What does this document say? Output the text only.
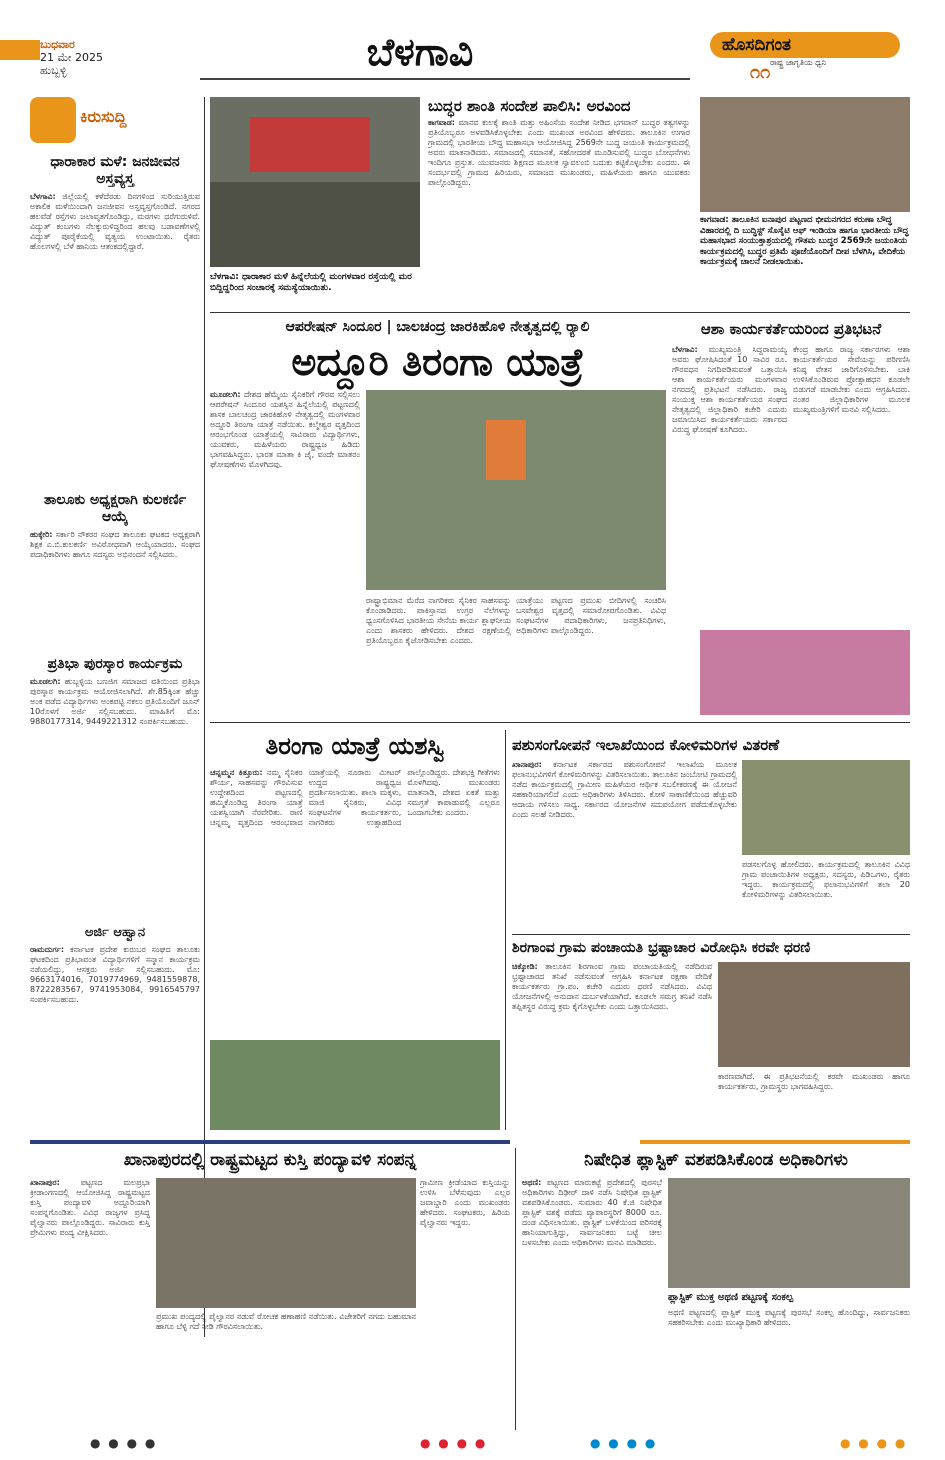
ಬುಧವಾರ
21 ಮೇ 2025
ಹುಬ್ಬಳ್ಳಿ	ಬೆಳಗಾವಿ	ಹೊಸದಿಗಂತ
ರಾಷ್ಟ್ರ ಜಾಗೃತಿಯ ಧ್ವನಿ
೧೧
ಕಿರುಸುದ್ದಿ
ಧಾರಾಕಾರ ಮಳೆ: ಜನಜೀವನ ಅಸ್ತವ್ಯಸ್ತ
ಬೆಳಗಾವಿ: ಜಿಲ್ಲೆಯಲ್ಲಿ ಕಳೆದೆರಡು ದಿನಗಳಿಂದ ಸುರಿಯುತ್ತಿರುವ ಅಕಾಲಿಕ ಮಳೆಯಿಂದಾಗಿ ಜನಜೀವನ ಅಸ್ತವ್ಯಸ್ತಗೊಂಡಿದೆ. ನಗರದ ಹಲವೆಡೆ ರಸ್ತೆಗಳು ಜಲಾವೃತಗೊಂಡಿದ್ದು, ಮರಗಳು ಧರೆಗುರುಳಿವೆ. ವಿದ್ಯುತ್ ಕಂಬಗಳು ನೆಲಕ್ಕುರುಳಿದ್ದರಿಂದ ಹಲವು ಬಡಾವಣೆಗಳಲ್ಲಿ ವಿದ್ಯುತ್ ಪೂರೈಕೆಯಲ್ಲಿ ವ್ಯತ್ಯಯ ಉಂಟಾಯಿತು. ರೈತರು ಹೊಲಗಳಲ್ಲಿ ಬೆಳೆ ಹಾನಿಯ ಆತಂಕದಲ್ಲಿದ್ದಾರೆ.
ತಾಲೂಕು ಅಧ್ಯಕ್ಷರಾಗಿ ಕುಲಕರ್ಣಿ ಆಯ್ಕೆ
ಹುಕ್ಕೇರಿ: ಸರ್ಕಾರಿ ನೌಕರರ ಸಂಘದ ತಾಲೂಕು ಘಟಕದ ಅಧ್ಯಕ್ಷರಾಗಿ ಶಿಕ್ಷಕ ಎ.ಬಿ.ಕುಲಕರ್ಣಿ ಅವಿರೋಧವಾಗಿ ಆಯ್ಕೆಯಾದರು. ಸಂಘದ ಪದಾಧಿಕಾರಿಗಳು ಹಾಗೂ ಸದಸ್ಯರು ಅಭಿನಂದನೆ ಸಲ್ಲಿಸಿದರು.
ಪ್ರತಿಭಾ ಪುರಸ್ಕಾರ ಕಾರ್ಯಕ್ರಮ
ಮೂಡಲಗಿ: ಹುಬ್ಬಳ್ಳಿಯ ಬಣಜಿಗ ಸಮಾಜದ ವತಿಯಿಂದ ಪ್ರತಿಭಾ ಪುರಸ್ಕಾರ ಕಾರ್ಯಕ್ರಮ ಆಯೋಜಿಸಲಾಗಿದೆ. ಶೇ.85ಕ್ಕಿಂತ ಹೆಚ್ಚು ಅಂಕ ಪಡೆದ ವಿದ್ಯಾರ್ಥಿಗಳು ಅಂಕಪಟ್ಟಿ ನಕಲು ಪ್ರತಿಯೊಂದಿಗೆ ಜೂನ್ 10ರೊಳಗೆ ಅರ್ಜಿ ಸಲ್ಲಿಸಬಹುದು. ಮಾಹಿತಿಗೆ ಮೊ: 9880177314, 9449221312 ಸಂಪರ್ಕಿಸಬಹುದು.
ಅರ್ಜಿ ಆಹ್ವಾನ
ರಾಮದುರ್ಗ: ಕರ್ನಾಟಕ ಪ್ರದೇಶ ಕುರುಬರ ಸಂಘದ ತಾಲೂಕು ಘಟಕದಿಂದ ಪ್ರತಿಭಾವಂತ ವಿದ್ಯಾರ್ಥಿಗಳಿಗೆ ಸನ್ಮಾನ ಕಾರ್ಯಕ್ರಮ ನಡೆಯಲಿದ್ದು, ಆಸಕ್ತರು ಅರ್ಜಿ ಸಲ್ಲಿಸಬಹುದು. ಮೊ: 9663174016, 7019774969, 9481559878, 8722283567, 9741953084, 9916545797 ಸಂಪರ್ಕಿಸಬಹುದು.
ಬೆಳಗಾವಿ: ಧಾರಾಕಾರ ಮಳೆ ಹಿನ್ನೆಲೆಯಲ್ಲಿ ಮಂಗಳವಾರ ರಸ್ತೆಯಲ್ಲಿ ಮರ ಬಿದ್ದಿದ್ದರಿಂದ ಸಂಚಾರಕ್ಕೆ ಸಮಸ್ಯೆಯಾಯಿತು.
ಬುದ್ಧರ ಶಾಂತಿ ಸಂದೇಶ ಪಾಲಿಸಿ: ಅರವಿಂದ
ಕಾಗವಾಡ: ಮಾನವ ಕುಲಕ್ಕೆ ಶಾಂತಿ ಮತ್ತು ಅಹಿಂಸೆಯ ಸಂದೇಶ ನೀಡಿದ ಭಗವಾನ್ ಬುದ್ಧರ ತತ್ವಗಳನ್ನು ಪ್ರತಿಯೊಬ್ಬರೂ ಅಳವಡಿಸಿಕೊಳ್ಳಬೇಕು ಎಂದು ಮುಖಂಡ ಅರವಿಂದ ಹೇಳಿದರು. ತಾಲೂಕಿನ ಉಗಾರ ಗ್ರಾಮದಲ್ಲಿ ಭಾರತೀಯ ಬೌದ್ಧ ಮಹಾಸಭಾ ಆಯೋಜಿಸಿದ್ದ 2569ನೇ ಬುದ್ಧ ಜಯಂತಿ ಕಾರ್ಯಕ್ರಮದಲ್ಲಿ ಅವರು ಮಾತನಾಡಿದರು. ಸಮಾಜದಲ್ಲಿ ಸಮಾನತೆ, ಸಹೋದರತೆ ಮೂಡಿಸುವಲ್ಲಿ ಬುದ್ಧರ ಬೋಧನೆಗಳು ಇಂದಿಗೂ ಪ್ರಸ್ತುತ. ಯುವಜನರು ಶಿಕ್ಷಣದ ಮೂಲಕ ಸ್ವಾವಲಂಬಿ ಬದುಕು ಕಟ್ಟಿಕೊಳ್ಳಬೇಕು ಎಂದರು. ಈ ಸಂದರ್ಭದಲ್ಲಿ ಗ್ರಾಮದ ಹಿರಿಯರು, ಸಮಾಜದ ಮುಖಂಡರು, ಮಹಿಳೆಯರು ಹಾಗೂ ಯುವಕರು ಪಾಲ್ಗೊಂಡಿದ್ದರು.
ಕಾಗವಾಡ: ತಾಲೂಕಿನ ಐನಾಪುರ ಪಟ್ಟಣದ ಭೀಮನಗರದ ಕರುಣಾ ಬೌದ್ಧ ವಿಹಾರದಲ್ಲಿ ದಿ ಬುದ್ಧಿಸ್ಟ್ ಸೊಸೈಟಿ ಆಫ್ ಇಂಡಿಯಾ ಹಾಗೂ ಭಾರತೀಯ ಬೌದ್ಧ ಮಹಾಸಭಾದ ಸಂಯುಕ್ತಾಶ್ರಯದಲ್ಲಿ ಗೌತಮ ಬುದ್ಧರ 2569ನೇ ಜಯಂತಿಯ ಕಾರ್ಯಕ್ರಮದಲ್ಲಿ ಬುದ್ಧರ ಪ್ರತಿಮೆ ಪೂಜೆಯೊಂದಿಗೆ ದೀಪ ಬೆಳಗಿಸಿ, ವೇದಿಕೆಯ ಕಾರ್ಯಕ್ರಮಕ್ಕೆ ಚಾಲನೆ ನೀಡಲಾಯಿತು.
ಆಪರೇಷನ್ ಸಿಂದೂರ | ಬಾಲಚಂದ್ರ ಜಾರಕಿಹೊಳಿ ನೇತೃತ್ವದಲ್ಲಿ ರ‍್ಯಾಲಿ
ಅದ್ದೂರಿ ತಿರಂಗಾ ಯಾತ್ರೆ
ಮೂಡಲಗಿ: ದೇಶದ ಹೆಮ್ಮೆಯ ಸೈನಿಕರಿಗೆ ಗೌರವ ಸಲ್ಲಿಸಲು ಆಪರೇಷನ್ ಸಿಂದೂರ ಯಶಸ್ಸಿನ ಹಿನ್ನೆಲೆಯಲ್ಲಿ ಪಟ್ಟಣದಲ್ಲಿ ಶಾಸಕ ಬಾಲಚಂದ್ರ ಜಾರಕಿಹೊಳಿ ನೇತೃತ್ವದಲ್ಲಿ ಮಂಗಳವಾರ ಅದ್ದೂರಿ ತಿರಂಗಾ ಯಾತ್ರೆ ನಡೆಯಿತು. ಕಲ್ಮೇಶ್ವರ ವೃತ್ತದಿಂದ ಆರಂಭಗೊಂಡ ಯಾತ್ರೆಯಲ್ಲಿ ಸಾವಿರಾರು ವಿದ್ಯಾರ್ಥಿಗಳು, ಯುವಕರು, ಮಹಿಳೆಯರು ರಾಷ್ಟ್ರಧ್ವಜ ಹಿಡಿದು ಭಾಗವಹಿಸಿದ್ದರು. ಭಾರತ ಮಾತಾ ಕಿ ಜೈ, ವಂದೇ ಮಾತರಂ ಘೋಷಣೆಗಳು ಮೊಳಗಿದವು.
ರಾಷ್ಟ್ರಾಭಿಮಾನ ಮೆರೆದ ನಾಗರಿಕರು ಸೈನಿಕರ ಸಾಹಸವನ್ನು ಕೊಂಡಾಡಿದರು. ಪಾಕಿಸ್ತಾನದ ಉಗ್ರರ ನೆಲೆಗಳನ್ನು ಧ್ವಂಸಗೊಳಿಸಿದ ಭಾರತೀಯ ಸೇನೆಯ ಕಾರ್ಯ ಶ್ಲಾಘನೀಯ ಎಂದು ಶಾಸಕರು ಹೇಳಿದರು. ದೇಶದ ರಕ್ಷಣೆಯಲ್ಲಿ ಪ್ರತಿಯೊಬ್ಬರೂ ಕೈಜೋಡಿಸಬೇಕು ಎಂದರು.
ಯಾತ್ರೆಯು ಪಟ್ಟಣದ ಪ್ರಮುಖ ಬೀದಿಗಳಲ್ಲಿ ಸಂಚರಿಸಿ ಬಸವೇಶ್ವರ ವೃತ್ತದಲ್ಲಿ ಸಮಾರೋಪಗೊಂಡಿತು. ವಿವಿಧ ಸಂಘಟನೆಗಳ ಪದಾಧಿಕಾರಿಗಳು, ಜನಪ್ರತಿನಿಧಿಗಳು, ಅಧಿಕಾರಿಗಳು ಪಾಲ್ಗೊಂಡಿದ್ದರು.
ಆಶಾ ಕಾರ್ಯಕರ್ತೆಯರಿಂದ ಪ್ರತಿಭಟನೆ
ಬೆಳಗಾವಿ: ಮುಖ್ಯಮಂತ್ರಿ ಸಿದ್ದರಾಮಯ್ಯ ಅವರು ಘೋಷಿಸಿದಂತೆ 10 ಸಾವಿರ ರೂ. ಗೌರವಧನ ನಿಗದಿಪಡಿಸುವಂತೆ ಒತ್ತಾಯಿಸಿ ಆಶಾ ಕಾರ್ಯಕರ್ತೆಯರು ಮಂಗಳವಾರ ನಗರದಲ್ಲಿ ಪ್ರತಿಭಟನೆ ನಡೆಸಿದರು. ರಾಜ್ಯ ಸಂಯುಕ್ತ ಆಶಾ ಕಾರ್ಯಕರ್ತೆಯರ ಸಂಘದ ನೇತೃತ್ವದಲ್ಲಿ ಜಿಲ್ಲಾಧಿಕಾರಿ ಕಚೇರಿ ಎದುರು ಜಮಾಯಿಸಿದ ಕಾರ್ಯಕರ್ತೆಯರು ಸರ್ಕಾರದ ವಿರುದ್ಧ ಘೋಷಣೆ ಕೂಗಿದರು.
ಕೇಂದ್ರ ಹಾಗೂ ರಾಜ್ಯ ಸರ್ಕಾರಗಳು ಆಶಾ ಕಾರ್ಯಕರ್ತೆಯರ ಸೇವೆಯನ್ನು ಪರಿಗಣಿಸಿ ಕನಿಷ್ಠ ವೇತನ ಜಾರಿಗೊಳಿಸಬೇಕು. ಬಾಕಿ ಉಳಿಸಿಕೊಂಡಿರುವ ಪ್ರೋತ್ಸಾಹಧನ ಕೂಡಲೇ ಬಿಡುಗಡೆ ಮಾಡಬೇಕು ಎಂದು ಆಗ್ರಹಿಸಿದರು. ನಂತರ ಜಿಲ್ಲಾಧಿಕಾರಿಗಳ ಮೂಲಕ ಮುಖ್ಯಮಂತ್ರಿಗಳಿಗೆ ಮನವಿ ಸಲ್ಲಿಸಿದರು.
ತಿರಂಗಾ ಯಾತ್ರೆ ಯಶಸ್ವಿ
ಚನ್ನಮ್ಮನ ಕಿತ್ತೂರು: ನಮ್ಮ ಸೈನಿಕರ ಶೌರ್ಯ, ಸಾಹಸವನ್ನು ಗೌರವಿಸುವ ಉದ್ದೇಶದಿಂದ ಪಟ್ಟಣದಲ್ಲಿ ಹಮ್ಮಿಕೊಂಡಿದ್ದ ತಿರಂಗಾ ಯಾತ್ರೆ ಯಶಸ್ವಿಯಾಗಿ ನೆರವೇರಿತು. ರಾಣಿ ಚನ್ನಮ್ಮ ವೃತ್ತದಿಂದ ಆರಂಭವಾದ ಯಾತ್ರೆಯಲ್ಲಿ ನೂರಾರು ಮೀಟರ್ ಉದ್ದದ ರಾಷ್ಟ್ರಧ್ವಜ ಪ್ರದರ್ಶಿಸಲಾಯಿತು. ಶಾಲಾ ಮಕ್ಕಳು, ಮಾಜಿ ಸೈನಿಕರು, ವಿವಿಧ ಸಂಘಟನೆಗಳ ಕಾರ್ಯಕರ್ತರು, ನಾಗರಿಕರು ಉತ್ಸಾಹದಿಂದ ಪಾಲ್ಗೊಂಡಿದ್ದರು. ದೇಶಭಕ್ತಿ ಗೀತೆಗಳು ಮೊಳಗಿದವು. ಮುಖಂಡರು ಮಾತನಾಡಿ, ದೇಶದ ಏಕತೆ ಮತ್ತು ಸಮಗ್ರತೆ ಕಾಪಾಡುವಲ್ಲಿ ಎಲ್ಲರೂ ಒಂದಾಗಬೇಕು ಎಂದರು.
ಪಶುಸಂಗೋಪನೆ ಇಲಾಖೆಯಿಂದ ಕೋಳಿಮರಿಗಳ ವಿತರಣೆ
ಖಾನಾಪುರ: ಕರ್ನಾಟಕ ಸರ್ಕಾರದ ಪಶುಸಂಗೋಪನೆ ಇಲಾಖೆಯ ಮೂಲಕ ಫಲಾನುಭವಿಗಳಿಗೆ ಕೋಳಿಮರಿಗಳನ್ನು ವಿತರಿಸಲಾಯಿತು. ತಾಲೂಕಿನ ಜಂಬೋಟಿ ಗ್ರಾಮದಲ್ಲಿ ನಡೆದ ಕಾರ್ಯಕ್ರಮದಲ್ಲಿ ಗ್ರಾಮೀಣ ಮಹಿಳೆಯರ ಆರ್ಥಿಕ ಸಬಲೀಕರಣಕ್ಕೆ ಈ ಯೋಜನೆ ಸಹಕಾರಿಯಾಗಲಿದೆ ಎಂದು ಅಧಿಕಾರಿಗಳು ತಿಳಿಸಿದರು. ಕೋಳಿ ಸಾಕಾಣಿಕೆಯಿಂದ ಹೆಚ್ಚುವರಿ ಆದಾಯ ಗಳಿಸಲು ಸಾಧ್ಯ. ಸರ್ಕಾರದ ಯೋಜನೆಗಳ ಸದುಪಯೋಗ ಪಡೆದುಕೊಳ್ಳಬೇಕು ಎಂದು ಸಲಹೆ ನೀಡಿದರು.
ಪಡಸಲಗೊಳ್ಳ ಹೋಲಿದರು. ಕಾರ್ಯಕ್ರಮದಲ್ಲಿ ತಾಲೂಕಿನ ವಿವಿಧ ಗ್ರಾಮ ಪಂಚಾಯಿತಿಗಳ ಅಧ್ಯಕ್ಷರು, ಸದಸ್ಯರು, ಪಿಡಿಒಗಳು, ರೈತರು ಇದ್ದರು. ಕಾರ್ಯಕ್ರಮದಲ್ಲಿ ಫಲಾನುಭವಿಗಳಿಗೆ ತಲಾ 20 ಕೋಳಿಮರಿಗಳನ್ನು ವಿತರಿಸಲಾಯಿತು.
ಶಿರಗಾಂವ ಗ್ರಾಮ ಪಂಚಾಯತಿ ಭ್ರಷ್ಟಾಚಾರ ವಿರೋಧಿಸಿ ಕರವೇ ಧರಣಿ
ಚಿಕ್ಕೋಡಿ: ತಾಲೂಕಿನ ಶಿರಗಾಂವ ಗ್ರಾಮ ಪಂಚಾಯತಿಯಲ್ಲಿ ನಡೆದಿರುವ ಭ್ರಷ್ಟಾಚಾರದ ತನಿಖೆ ನಡೆಸುವಂತೆ ಆಗ್ರಹಿಸಿ ಕರ್ನಾಟಕ ರಕ್ಷಣಾ ವೇದಿಕೆ ಕಾರ್ಯಕರ್ತರು ಗ್ರಾ.ಪಂ. ಕಚೇರಿ ಎದುರು ಧರಣಿ ನಡೆಸಿದರು. ವಿವಿಧ ಯೋಜನೆಗಳಲ್ಲಿ ಅನುದಾನ ದುರ್ಬಳಕೆಯಾಗಿದೆ. ಕೂಡಲೇ ಸಮಗ್ರ ತನಿಖೆ ನಡೆಸಿ ತಪ್ಪಿತಸ್ಥರ ವಿರುದ್ಧ ಕ್ರಮ ಕೈಗೊಳ್ಳಬೇಕು ಎಂದು ಒತ್ತಾಯಿಸಿದರು.
ಕಾರಣವಾಗಿದೆ. ಈ ಪ್ರತಿಭಟನೆಯಲ್ಲಿ ಕರವೇ ಮುಖಂಡರು ಹಾಗೂ ಕಾರ್ಯಕರ್ತರು, ಗ್ರಾಮಸ್ಥರು ಭಾಗವಹಿಸಿದ್ದರು.
ಖಾನಾಪುರದಲ್ಲಿ ರಾಷ್ಟ್ರಮಟ್ಟದ ಕುಸ್ತಿ ಪಂದ್ಯಾವಳಿ ಸಂಪನ್ನ
ಖಾನಾಪುರ:	ಪಟ್ಟಣದ ಮಲಪ್ರಭಾ ಕ್ರೀಡಾಂಗಣದಲ್ಲಿ ಆಯೋಜಿಸಿದ್ದ ರಾಷ್ಟ್ರಮಟ್ಟದ ಕುಸ್ತಿ ಪಂದ್ಯಾವಳಿ ಅದ್ದೂರಿಯಾಗಿ ಸಂಪನ್ನಗೊಂಡಿತು. ವಿವಿಧ ರಾಜ್ಯಗಳ ಪ್ರಸಿದ್ಧ ಪೈಲ್ವಾನರು ಪಾಲ್ಗೊಂಡಿದ್ದರು. ಸಾವಿರಾರು ಕುಸ್ತಿ ಪ್ರೇಮಿಗಳು ಪಂದ್ಯ ವೀಕ್ಷಿಸಿದರು.
ಪ್ರಮುಖ ಪಂದ್ಯದಲ್ಲಿ ಪೈಲ್ವಾನರ ನಡುವೆ ರೋಚಕ ಹಣಾಹಣಿ ನಡೆಯಿತು. ವಿಜೇತರಿಗೆ ನಗದು ಬಹುಮಾನ ಹಾಗೂ ಬೆಳ್ಳಿ ಗದೆ ನೀಡಿ ಗೌರವಿಸಲಾಯಿತು.
ಗ್ರಾಮೀಣ ಕ್ರೀಡೆಯಾದ ಕುಸ್ತಿಯನ್ನು ಉಳಿಸಿ ಬೆಳೆಸುವುದು ಎಲ್ಲರ ಜವಾಬ್ದಾರಿ ಎಂದು ಮುಖಂಡರು ಹೇಳಿದರು. ಸಂಘಟಕರು, ಹಿರಿಯ ಪೈಲ್ವಾನರು ಇದ್ದರು.
ನಿಷೇಧಿತ ಪ್ಲಾಸ್ಟಿಕ್ ವಶಪಡಿಸಿಕೊಂಡ ಅಧಿಕಾರಿಗಳು
ಅಥಣಿ: ಪಟ್ಟಣದ ಮಾರುಕಟ್ಟೆ ಪ್ರದೇಶದಲ್ಲಿ ಪುರಸಭೆ ಅಧಿಕಾರಿಗಳು ದಿಢೀರ್ ದಾಳಿ ನಡೆಸಿ ನಿಷೇಧಿತ ಪ್ಲಾಸ್ಟಿಕ್ ವಶಪಡಿಸಿಕೊಂಡರು. ಸುಮಾರು 40 ಕೆ.ಜಿ ನಿಷೇಧಿತ ಪ್ಲಾಸ್ಟಿಕ್ ವಶಕ್ಕೆ ಪಡೆದು ವ್ಯಾಪಾರಸ್ಥರಿಗೆ 8000 ರೂ. ದಂಡ ವಿಧಿಸಲಾಯಿತು. ಪ್ಲಾಸ್ಟಿಕ್ ಬಳಕೆಯಿಂದ ಪರಿಸರಕ್ಕೆ ಹಾನಿಯಾಗುತ್ತಿದ್ದು, ಸಾರ್ವಜನಿಕರು ಬಟ್ಟೆ ಚೀಲ ಬಳಸಬೇಕು ಎಂದು ಅಧಿಕಾರಿಗಳು ಮನವಿ ಮಾಡಿದರು.
ಪ್ಲಾಸ್ಟಿಕ್ ಮುಕ್ತ ಅಥಣಿ ಪಟ್ಟಣಕ್ಕೆ ಸಂಕಲ್ಪ
ಅಥಣಿ ಪಟ್ಟಣದಲ್ಲಿ ಪ್ಲಾಸ್ಟಿಕ್ ಮುಕ್ತ ಪಟ್ಟಣಕ್ಕೆ ಪುರಸಭೆ ಸಂಕಲ್ಪ ಹೊಂದಿದ್ದು, ಸಾರ್ವಜನಿಕರು ಸಹಕರಿಸಬೇಕು ಎಂದು ಮುಖ್ಯಾಧಿಕಾರಿ ಹೇಳಿದರು.
● ● ● ●	● ● ● ●	● ● ● ●	● ● ● ●
